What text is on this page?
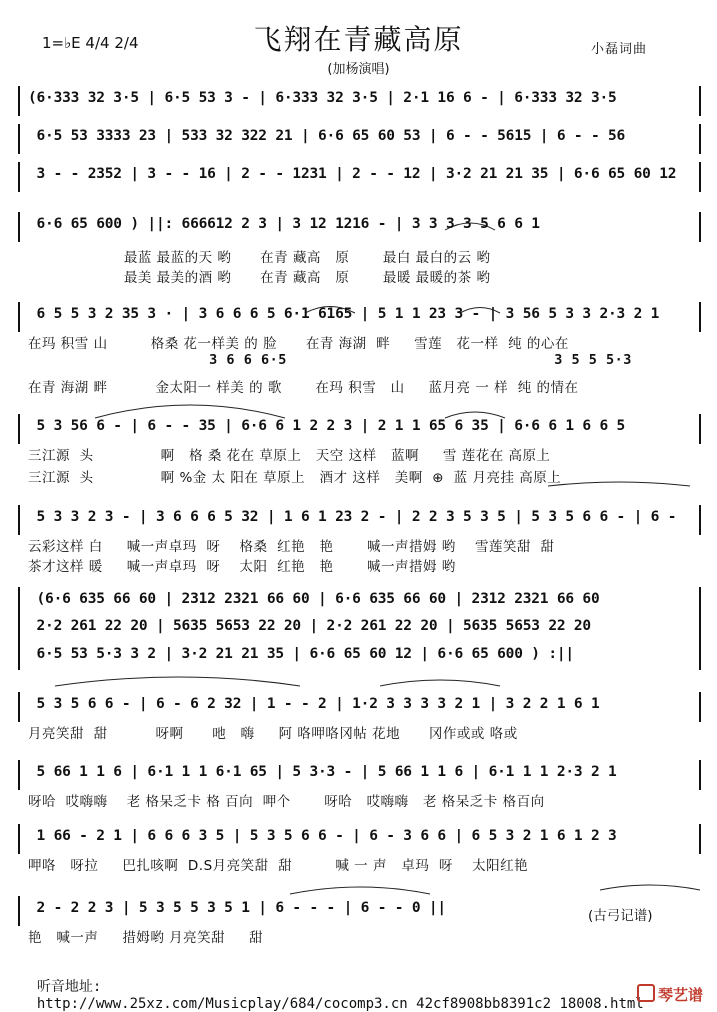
1=♭E 4/4 2/4	飞翔在青藏高原
(加杨演唱)
小磊词曲
(6·333 32 3·5 | 6·5 53 3 - | 6·333 32 3·5 | 2·1 16 6 - | 6·333 32 3·5
6·5 53 3333 23 | 533 32 322 21 | 6·6 65 60 53 | 6 - - 5615 | 6 - - 56
3 - - 2352 | 3 - - 16 | 2 - - 1231 | 2 - - 12 | 3·2 21 21 35 | 6·6 65 60 12
6·6 65 600 ) ||: 666612 2 3 | 3 12 1216 - | 3 3 3 3 5 6 6 1
最蓝 最蓝的天 哟      在青 藏高   原       最白 最白的云 哟
最美 最美的酒 哟      在青 藏高   原       最暖 最暖的茶 哟
6 5 5 3 2 35 3 · | 3 6 6 6 5 6·1 6165 | 5 1 1 23 3 - | 3 56 5 3 3 2·3 2 1
在玛 积雪 山         格桑 花一样美 的 脸      在青 海湖  畔     雪莲   花一样  纯 的心在
3 6 6 6·5                               3 5 5 5·3
在青 海湖 畔          金太阳一 样美 的 歌       在玛 积雪   山     蓝月亮 一 样  纯 的情在
5 3 56 6 - | 6 - - 35 | 6·6 6 1 2 2 3 | 2 1 1 65 6 35 | 6·6 6 1 6 6 5
三江源  头              啊   格 桑 花在 草原上   天空 这样   蓝啊     雪 莲花在 高原上
三江源  头              啊 %金 太 阳在 草原上   酒才 这样   美啊  ⊕  蓝 月亮挂 高原上
5 3 3 2 3 - | 3 6 6 6 5 32 | 1 6 1 23 2 - | 2 2 3 5 3 5 | 5 3 5 6 6 - | 6 -
云彩这样 白     喊一声卓玛  呀    格桑  红艳   艳       喊一声措姆 哟    雪莲笑甜  甜
茶才这样 暖     喊一声卓玛  呀    太阳  红艳   艳       喊一声措姆 哟
(6·6 635 66 60 | 2312 2321 66 60 | 6·6 635 66 60 | 2312 2321 66 60
2·2 261 22 20 | 5635 5653 22 20 | 2·2 261 22 20 | 5635 5653 22 20
6·5 53 5·3 3 2 | 3·2 21 21 35 | 6·6 65 60 12 | 6·6 65 600 ) :||
5 3 5 6 6 - | 6 - 6 2 32 | 1 - - 2 | 1·2 3 3 3 3 2 1 | 3 2 2 1 6 1
月亮笑甜  甜          呀啊      吔   嗨     阿 咯呷咯冈帖 花地      冈作或或 咯或
5 66 1 1 6 | 6·1 1 1 6·1 65 | 5 3·3 - | 5 66 1 1 6 | 6·1 1 1 2·3 2 1
呀哈  哎嗨嗨    老 格呆乏卡 格 百向  呷个       呀哈   哎嗨嗨   老 格呆乏卡 格百向
1 66 - 2 1 | 6 6 6 3 5 | 5 3 5 6 6 - | 6 - 3 6 6 | 6 5 3 2 1 6 1 2 3
呷咯   呀拉     巴扎咳啊  D.S月亮笑甜  甜         喊 一 声   卓玛  呀    太阳红艳
2 - 2 2 3 | 5 3 5 5 3 5 1 | 6 - - - | 6 - - 0 ||
艳   喊一声     措姆哟 月亮笑甜     甜
(古弓记谱)

听音地址:
http://www.25xz.com/Musicplay/684/cocomp3.cn 42cf8908bb8391c2 18008.html 琴艺谱
